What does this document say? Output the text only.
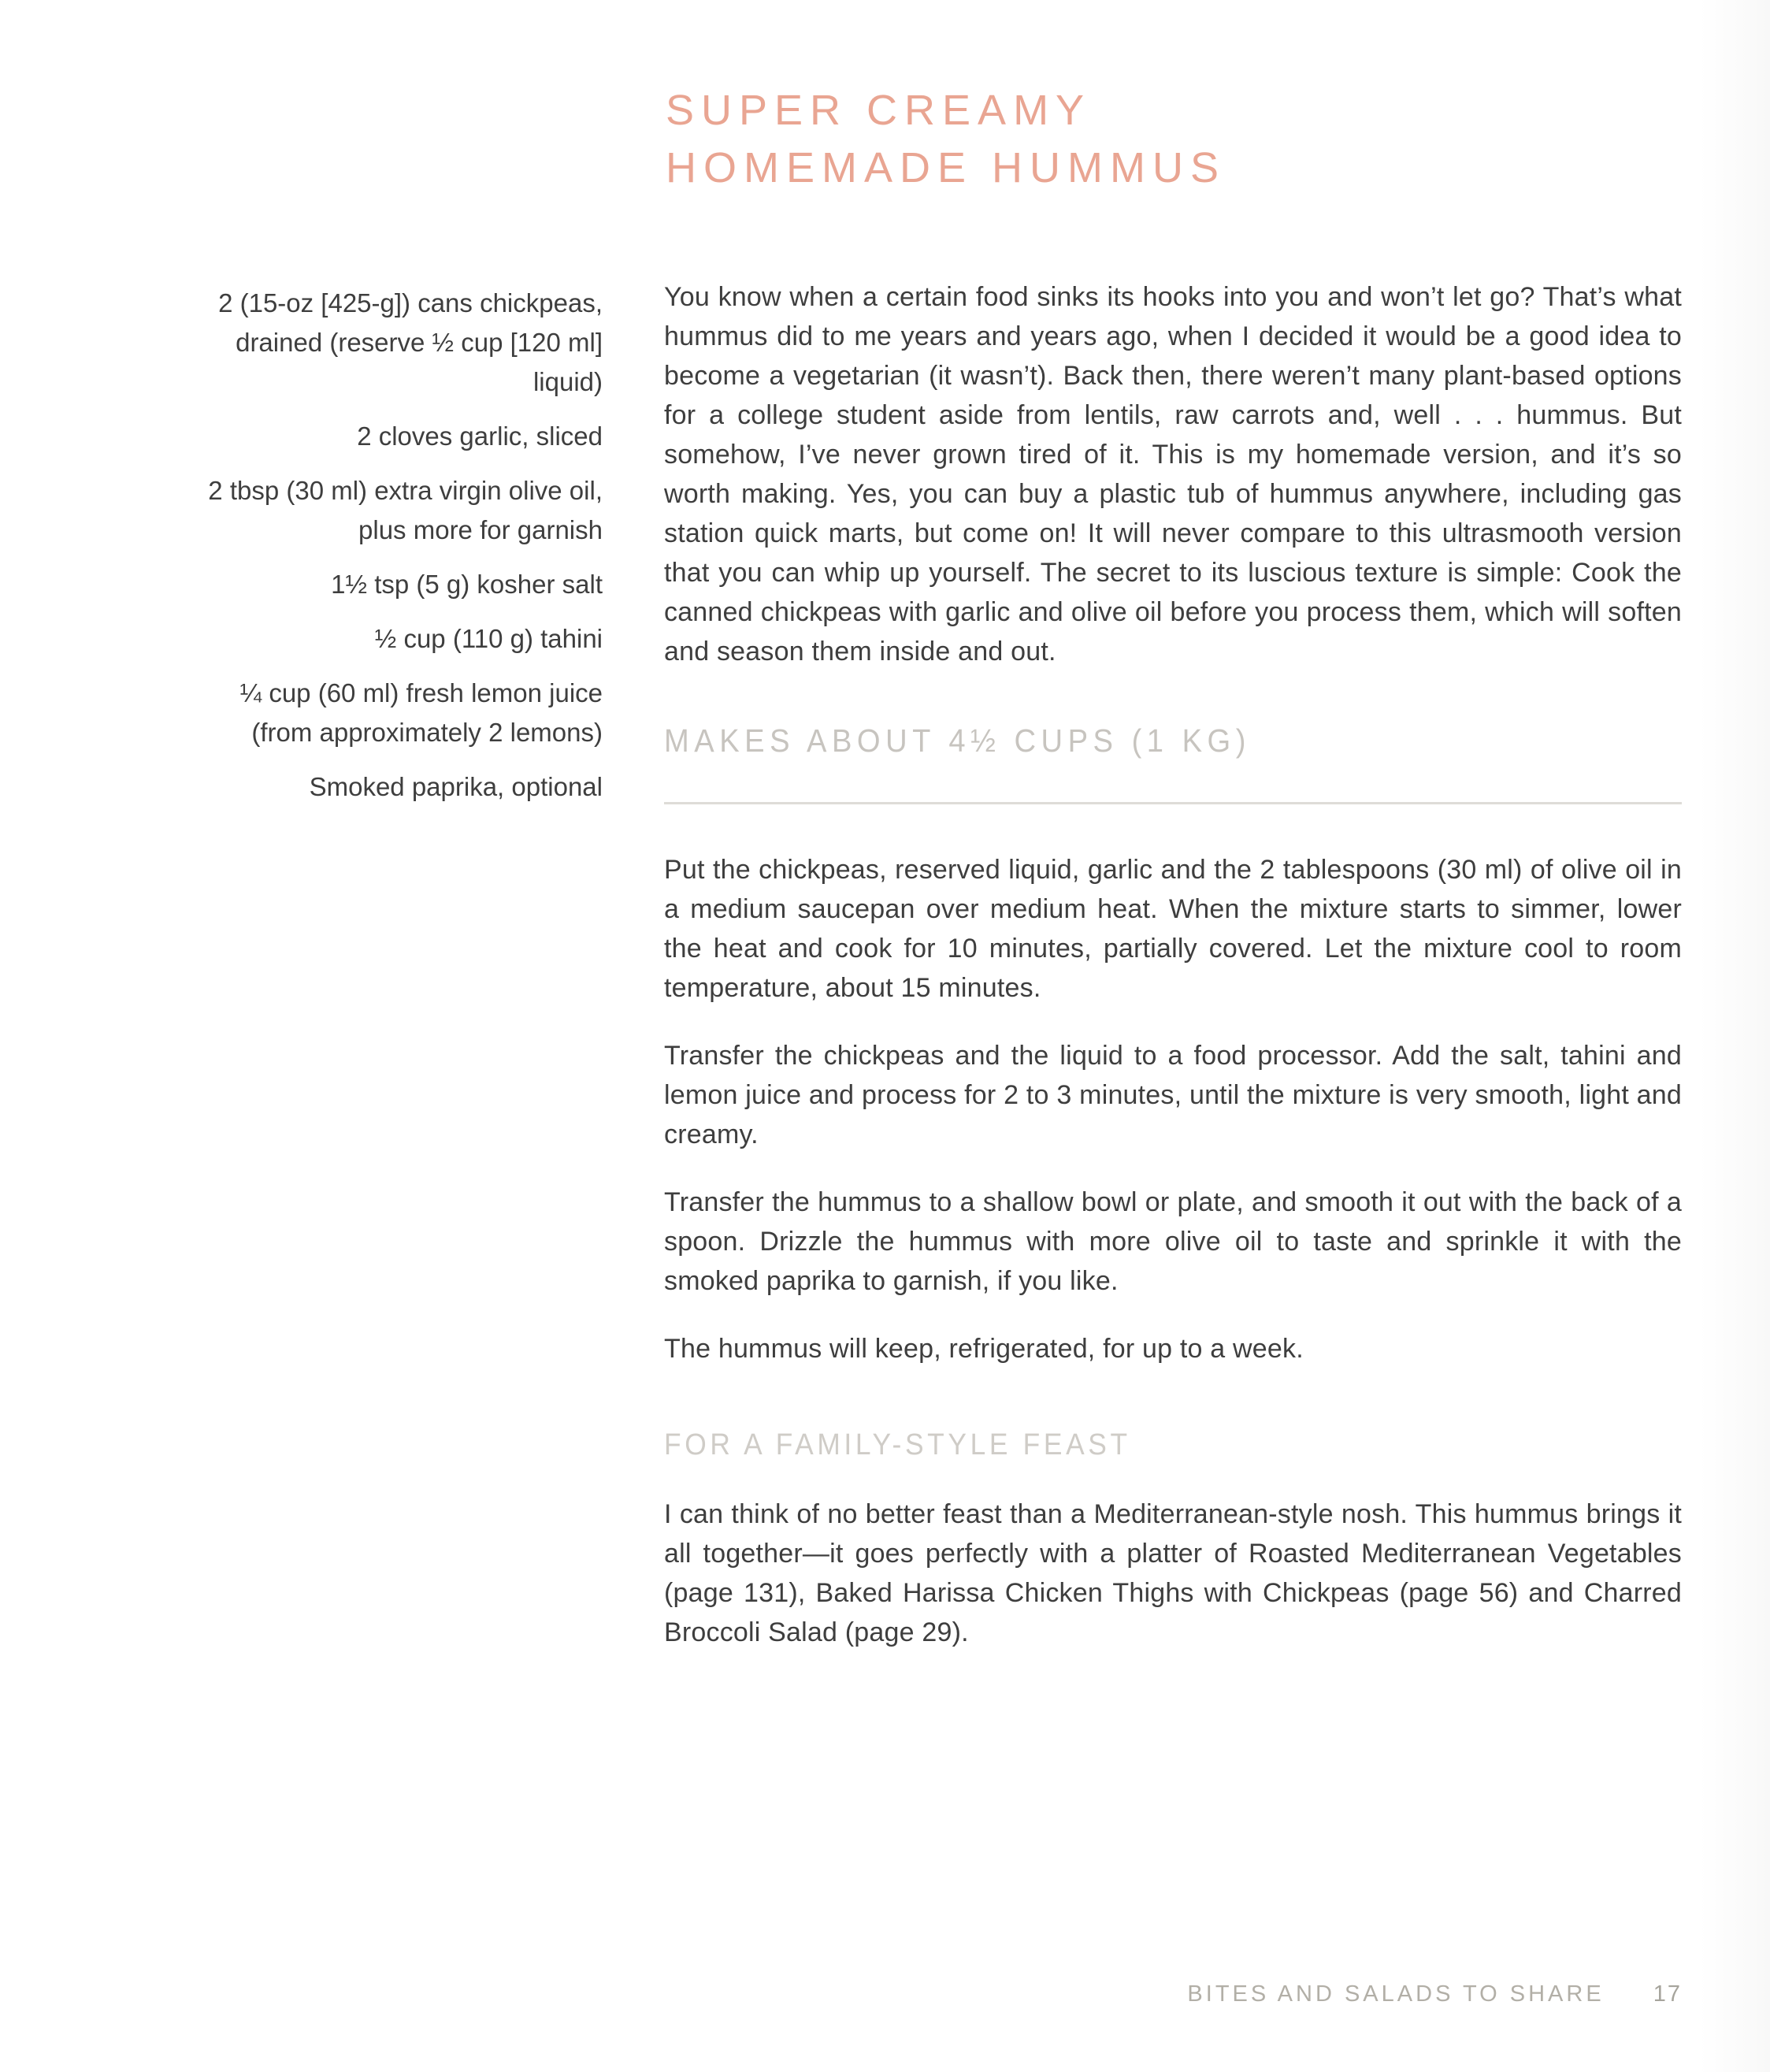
SUPER CREAMY
HOMEMADE HUMMUS
2 (15-oz [425-g]) cans chickpeas, drained (reserve ½ cup [120 ml] liquid)
2 cloves garlic, sliced
2 tbsp (30 ml) extra virgin olive oil, plus more for garnish
1½ tsp (5 g) kosher salt
½ cup (110 g) tahini
¼ cup (60 ml) fresh lemon juice (from approximately 2 lemons)
Smoked paprika, optional

You know when a certain food sinks its hooks into you and won’t let go? That’s what hummus did to me years and years ago, when I decided it would be a good idea to become a vegetarian (it wasn’t). Back then, there weren’t many plant-based options for a college student aside from lentils, raw carrots and, well . . . hummus. But somehow, I’ve never grown tired of it. This is my homemade version, and it’s so worth making. Yes, you can buy a plastic tub of hummus anywhere, including gas station quick marts, but come on! It will never compare to this ultrasmooth version that you can whip up yourself. The secret to its luscious texture is simple: Cook the canned chickpeas with garlic and olive oil before you process them, which will soften and season them inside and out.

MAKES ABOUT 4½ CUPS (1 KG)

Put the chickpeas, reserved liquid, garlic and the 2 tablespoons (30 ml) of olive oil in a medium saucepan over medium heat. When the mixture starts to simmer, lower the heat and cook for 10 minutes, partially covered. Let the mixture cool to room temperature, about 15 minutes.

Transfer the chickpeas and the liquid to a food processor. Add the salt, tahini and lemon juice and process for 2 to 3 minutes, until the mixture is very smooth, light and creamy.

Transfer the hummus to a shallow bowl or plate, and smooth it out with the back of a spoon. Drizzle the hummus with more olive oil to taste and sprinkle it with the smoked paprika to garnish, if you like.

The hummus will keep, refrigerated, for up to a week.

FOR A FAMILY-STYLE FEAST

I can think of no better feast than a Mediterranean-style nosh. This hummus brings it all together—it goes perfectly with a platter of Roasted Mediterranean Vegetables (page 131), Baked Harissa Chicken Thighs with Chickpeas (page 56) and Charred Broccoli Salad (page 29).

BITES AND SALADS TO SHARE 17
